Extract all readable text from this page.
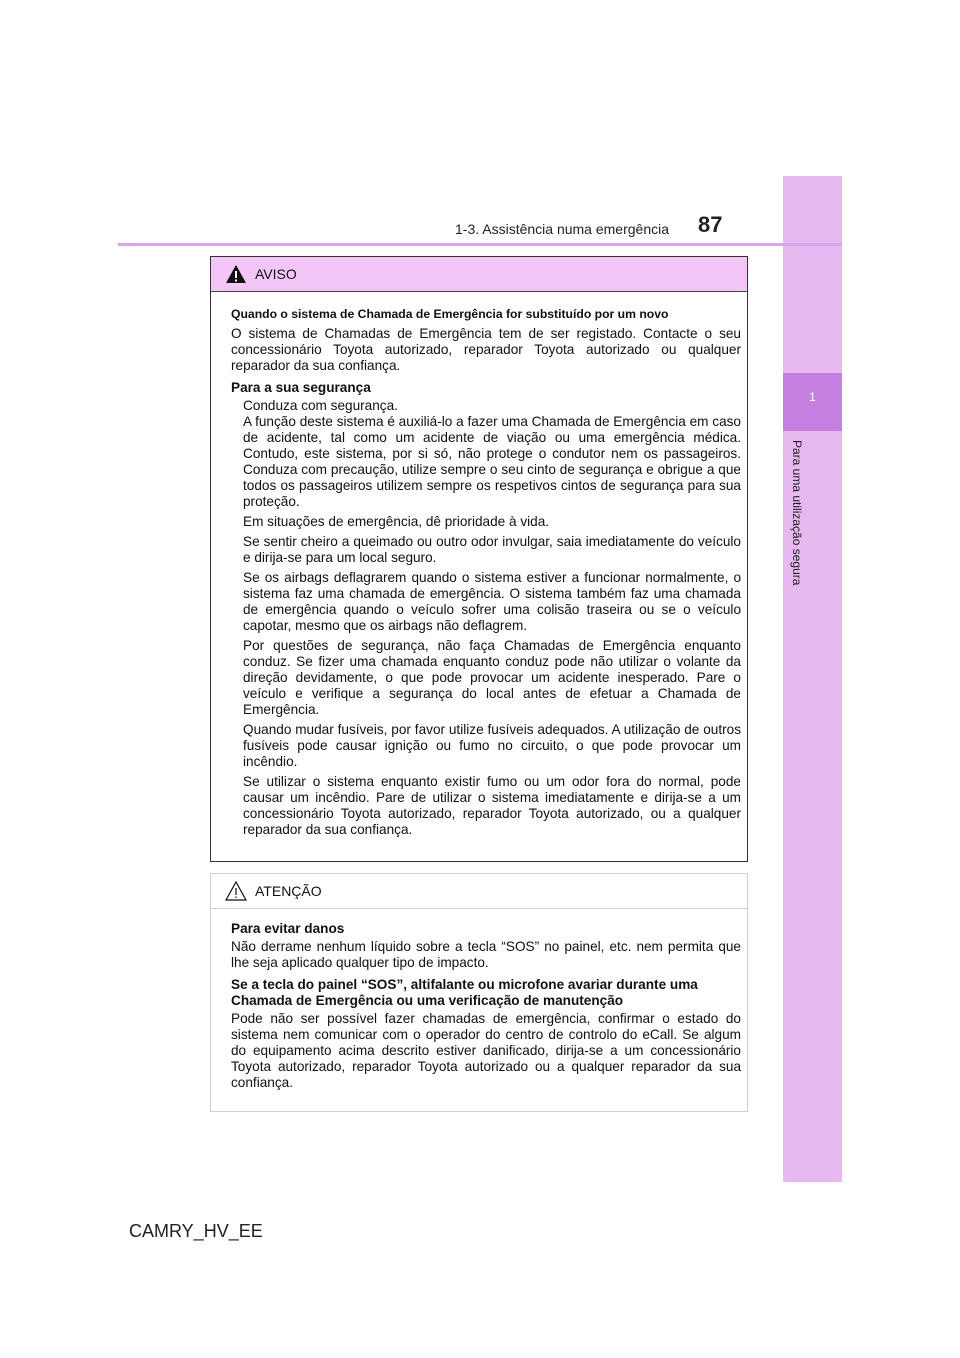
1
Para uma utilização segura
1-3. Assistência numa emergência 87
AVISO
Quando o sistema de Chamada de Emergência for substituído por um novo

O sistema de Chamadas de Emergência tem de ser registado. Contacte o seu concessionário Toyota autorizado, reparador Toyota autorizado ou qualquer reparador da sua confiança.

Para a sua segurança

Conduza com segurança.

A função deste sistema é auxiliá-lo a fazer uma Chamada de Emergência em caso de acidente, tal como um acidente de viação ou uma emergência médica. Contudo, este sistema, por si só, não protege o condutor nem os passageiros. Conduza com precaução, utilize sempre o seu cinto de segurança e obrigue a que todos os passageiros utilizem sempre os respetivos cintos de segurança para sua proteção.

Em situações de emergência, dê prioridade à vida.

Se sentir cheiro a queimado ou outro odor invulgar, saia imediatamente do veículo e dirija-se para um local seguro.

Se os airbags deflagrarem quando o sistema estiver a funcionar normalmente, o sistema faz uma chamada de emergência. O sistema também faz uma chamada de emergência quando o veículo sofrer uma colisão traseira ou se o veículo capotar, mesmo que os airbags não deflagrem.

Por questões de segurança, não faça Chamadas de Emergência enquanto conduz. Se fizer uma chamada enquanto conduz pode não utilizar o volante da direção devidamente, o que pode provocar um acidente inesperado. Pare o veículo e verifique a segurança do local antes de efetuar a Chamada de Emergência.

Quando mudar fusíveis, por favor utilize fusíveis adequados. A utilização de outros fusíveis pode causar ignição ou fumo no circuito, o que pode provocar um incêndio.

Se utilizar o sistema enquanto existir fumo ou um odor fora do normal, pode causar um incêndio. Pare de utilizar o sistema imediatamente e dirija-se a um concessionário Toyota autorizado, reparador Toyota autorizado, ou a qualquer reparador da sua confiança.

ATENÇÃO
Para evitar danos

Não derrame nenhum líquido sobre a tecla “SOS” no painel, etc. nem permita que lhe seja aplicado qualquer tipo de impacto.

Se a tecla do painel “SOS”, altifalante ou microfone avariar durante uma Chamada de Emergência ou uma verificação de manutenção

Pode não ser possível fazer chamadas de emergência, confirmar o estado do sistema nem comunicar com o operador do centro de controlo do eCall. Se algum do equipamento acima descrito estiver danificado, dirija-se a um concessionário Toyota autorizado, reparador Toyota autorizado ou a qualquer reparador da sua confiança.

CAMRY_HV_EE
